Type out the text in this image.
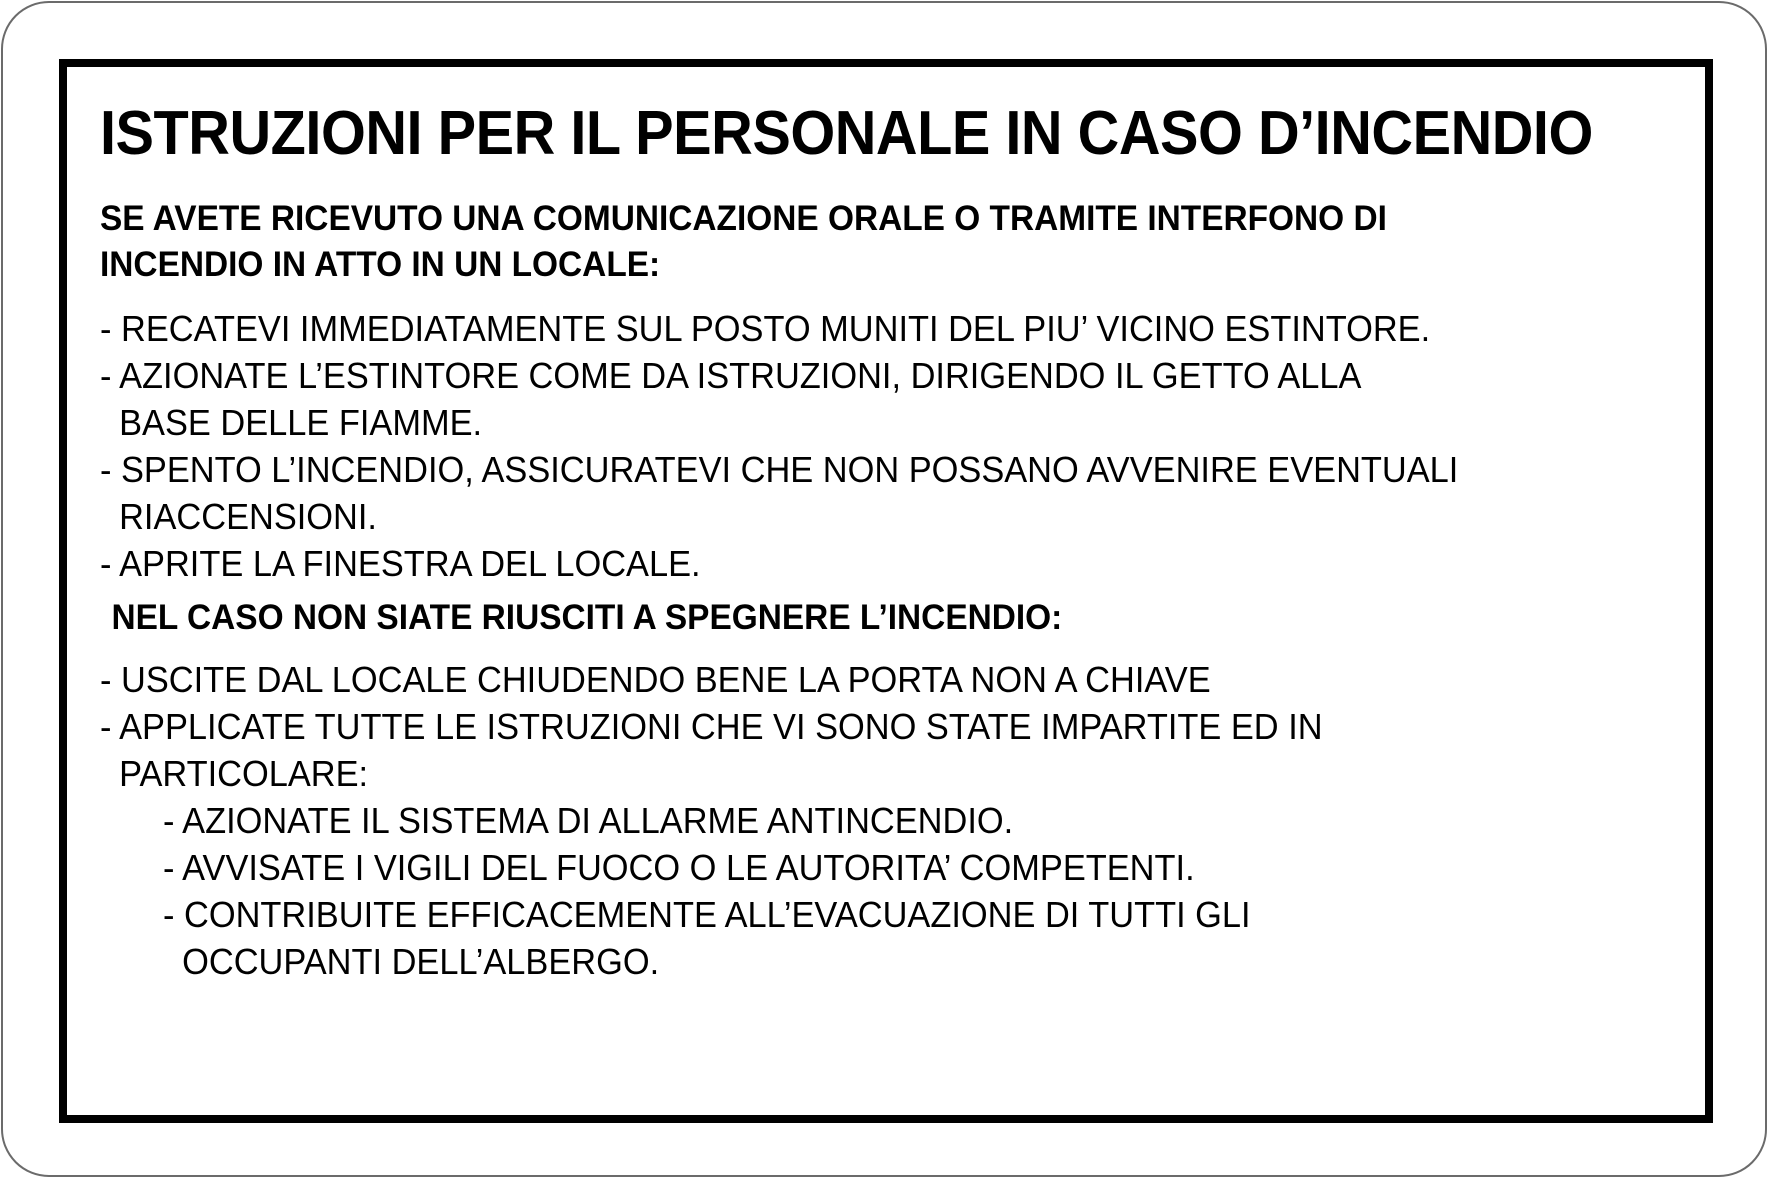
ISTRUZIONI PER IL PERSONALE IN CASO D’INCENDIO
SE AVETE RICEVUTO UNA COMUNICAZIONE ORALE O TRAMITE INTERFONO DI
INCENDIO IN ATTO IN UN LOCALE:
- RECATEVI IMMEDIATAMENTE SUL POSTO MUNITI DEL PIU’ VICINO ESTINTORE.
- AZIONATE L’ESTINTORE COME DA ISTRUZIONI, DIRIGENDO IL GETTO ALLA
BASE DELLE FIAMME.
- SPENTO L’INCENDIO, ASSICURATEVI CHE NON POSSANO AVVENIRE EVENTUALI
RIACCENSIONI.
- APRITE LA FINESTRA DEL LOCALE.
NEL CASO NON SIATE RIUSCITI A SPEGNERE L’INCENDIO:
- USCITE DAL LOCALE CHIUDENDO BENE LA PORTA NON A CHIAVE
- APPLICATE TUTTE LE ISTRUZIONI CHE VI SONO STATE IMPARTITE ED IN
PARTICOLARE:
- AZIONATE IL SISTEMA DI ALLARME ANTINCENDIO.
- AVVISATE I VIGILI DEL FUOCO O LE AUTORITA’ COMPETENTI.
- CONTRIBUITE EFFICACEMENTE ALL’EVACUAZIONE DI TUTTI GLI
OCCUPANTI DELL’ALBERGO.
